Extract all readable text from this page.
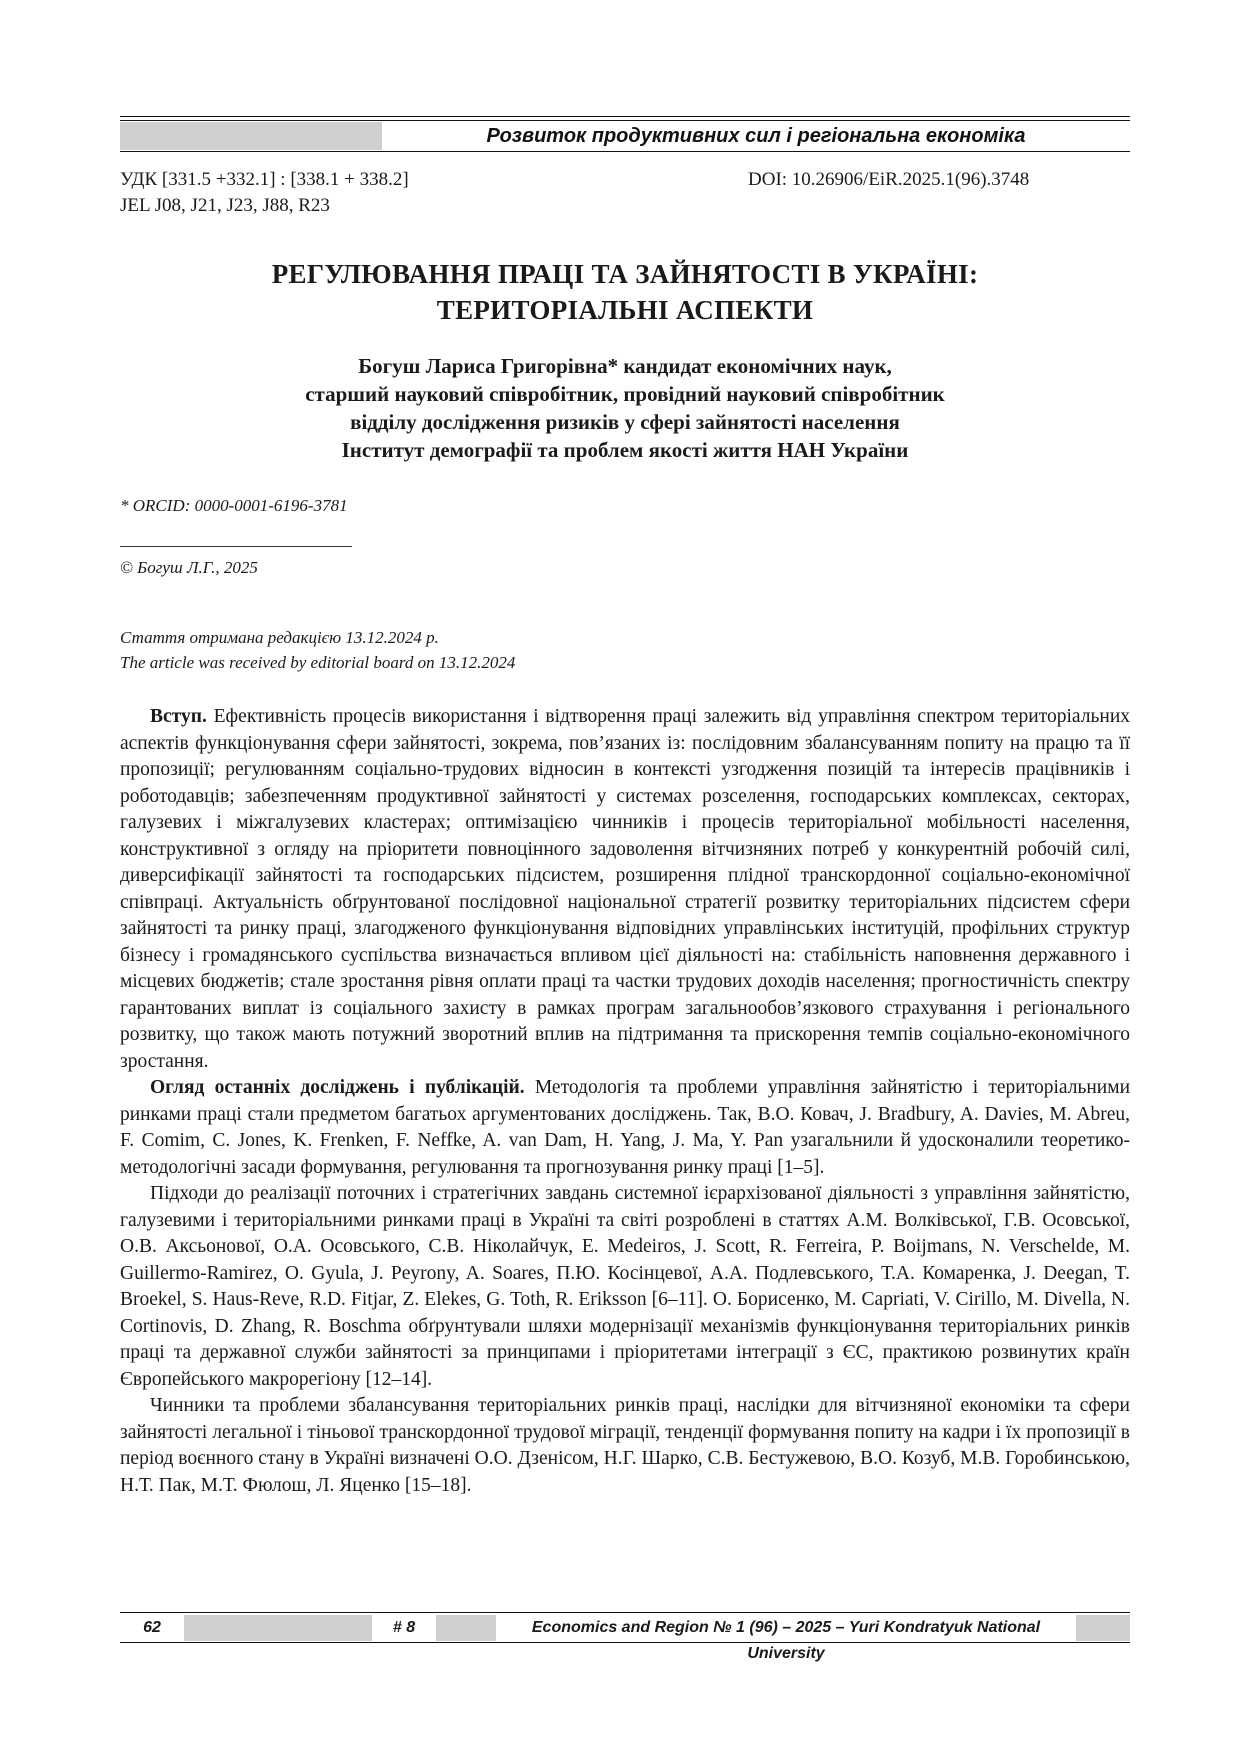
Розвиток продуктивних сил і регіональна економіка
УДК [331.5 +332.1] : [338.1 + 338.2]
JEL J08, J21, J23, J88, R23
DOI: 10.26906/EiR.2025.1(96).3748
РЕГУЛЮВАННЯ ПРАЦІ ТА ЗАЙНЯТОСТІ В УКРАЇНІ:
ТЕРИТОРІАЛЬНІ АСПЕКТИ
Богуш Лариса Григорівна* кандидат економічних наук,
старший науковий співробітник, провідний науковий співробітник
відділу дослідження ризиків у сфері зайнятості населення
Інститут демографії та проблем якості життя НАН України
* ORCID: 0000-0001-6196-3781
© Богуш Л.Г., 2025
Стаття отримана редакцією 13.12.2024 р.
The article was received by editorial board on 13.12.2024

Вступ. Ефективність процесів використання і відтворення праці залежить від управління спектром територіальних аспектів функціонування сфери зайнятості, зокрема, пов’язаних із: послідовним збалансуванням попиту на працю та її пропозиції; регулюванням соціально-трудових відносин в контексті узгодження позицій та інтересів працівників і роботодавців; забезпеченням продуктивної зайнятості у системах розселення, господарських комплексах, секторах, галузевих і міжгалузевих кластерах; оптимізацією чинників і процесів територіальної мобільності населення, конструктивної з огляду на пріоритети повноцінного задоволення вітчизняних потреб у конкурентній робочій силі, диверсифікації зайнятості та господарських підсистем, розширення плідної транскордонної соціально-економічної співпраці. Актуальність обґрунтованої послідовної національної стратегії розвитку територіальних підсистем сфери зайнятості та ринку праці, злагодженого функціонування відповідних управлінських інституцій, профільних структур бізнесу і громадянського суспільства визначається впливом цієї діяльності на: стабільність наповнення державного і місцевих бюджетів; стале зростання рівня оплати праці та частки трудових доходів населення; прогностичність спектру гарантованих виплат із соціального захисту в рамках програм загальнообов’язкового страхування і регіонального розвитку, що також мають потужний зворотний вплив на підтримання та прискорення темпів соціально-економічного зростання.

Огляд останніх досліджень і публікацій. Методологія та проблеми управління зайнятістю і територіальними ринками праці стали предметом багатьох аргументованих досліджень. Так, В.О. Ковач, J. Bradbury, A. Davies, M. Abreu, F. Comim, C. Jones, K. Frenken, F. Neffke, A. van Dam, H. Yang, J. Ma, Y. Pan узагальнили й удосконалили теоретико-методологічні засади формування, регулювання та прогнозування ринку праці [1–5].

Підходи до реалізації поточних і стратегічних завдань системної ієрархізованої діяльності з управління зайнятістю, галузевими і територіальними ринками праці в Україні та світі розроблені в статтях А.М. Волківської, Г.В. Осовської, О.В. Аксьонової, О.А. Осовського, С.В. Ніколайчук, E. Medeiros, J. Scott, R. Ferreira, P. Boijmans, N. Verschelde, M. Guillermo-Ramirez, O. Gyula, J. Peyrony, A. Soares, П.Ю. Косінцевої, А.А. Подлевського, Т.А. Комаренка, J. Deegan, T. Broekel, S. Haus-Reve, R.D. Fitjar, Z. Elekes, G. Toth, R. Eriksson [6–11]. О. Борисенко, M. Capriati, V. Cirillo, M. Divella, N. Cortinovis, D. Zhang, R. Boschma обґрунтували шляхи модернізації механізмів функціонування територіальних ринків праці та державної служби зайнятості за принципами і пріоритетами інтеграції з ЄС, практикою розвинутих країн Європейського макрорегіону [12–14].

Чинники та проблеми збалансування територіальних ринків праці, наслідки для вітчизняної економіки та сфери зайнятості легальної і тіньової транскордонної трудової міграції, тенденції формування попиту на кадри і їх пропозиції в період воєнного стану в Україні визначені О.О. Дзенісом, Н.Г. Шарко, С.В. Бестужевою, В.О. Козуб, М.В. Горобинською, Н.Т. Пак, М.Т. Фюлош, Л. Яценко [15–18].

62	# 8	Economics and Region № 1 (96) – 2025 – Yuri Kondratyuk National University
